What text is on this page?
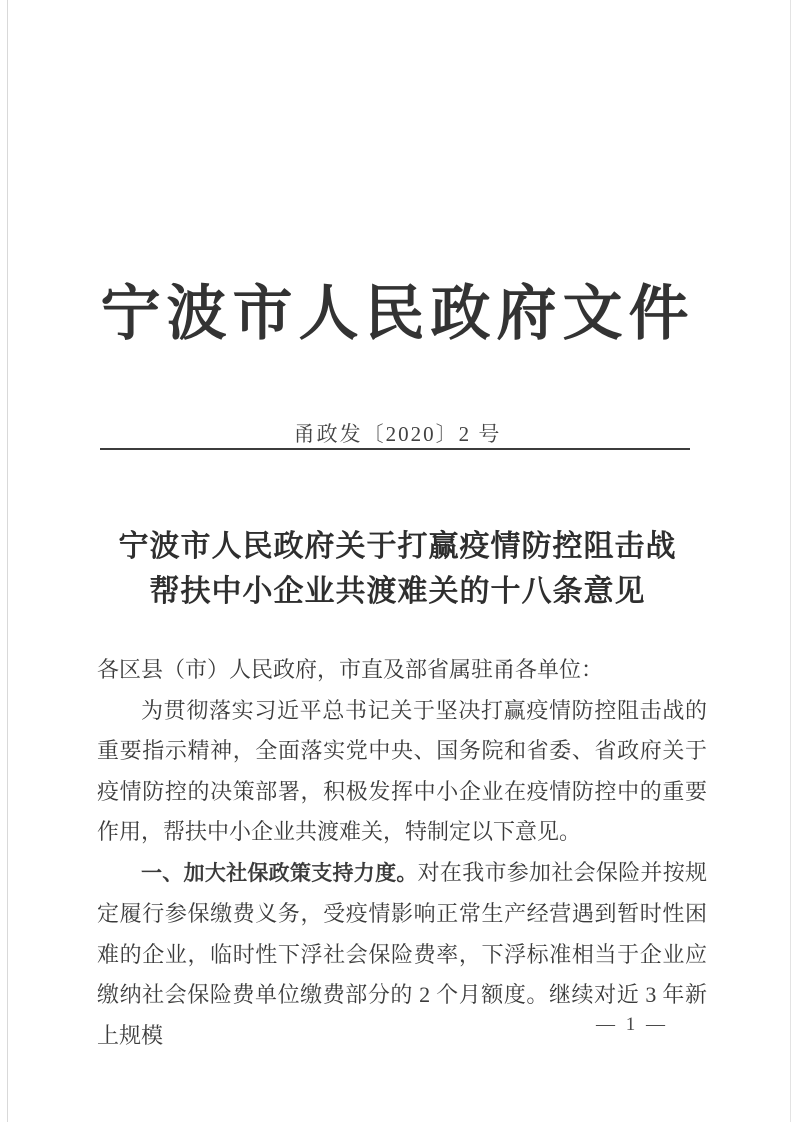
宁波市人民政府文件
甬政发〔2020〕2 号
宁波市人民政府关于打赢疫情防控阻击战
帮扶中小企业共渡难关的十八条意见

各区县（市）人民政府，市直及部省属驻甬各单位：

为贯彻落实习近平总书记关于坚决打赢疫情防控阻击战的重要指示精神，全面落实党中央、国务院和省委、省政府关于疫情防控的决策部署，积极发挥中小企业在疫情防控中的重要作用，帮扶中小企业共渡难关，特制定以下意见。

一、加大社保政策支持力度。对在我市参加社会保险并按规定履行参保缴费义务，受疫情影响正常生产经营遇到暂时性困难的企业，临时性下浮社会保险费率，下浮标准相当于企业应缴纳社会保险费单位缴费部分的 2 个月额度。继续对近 3 年新上规模	— 1 —
